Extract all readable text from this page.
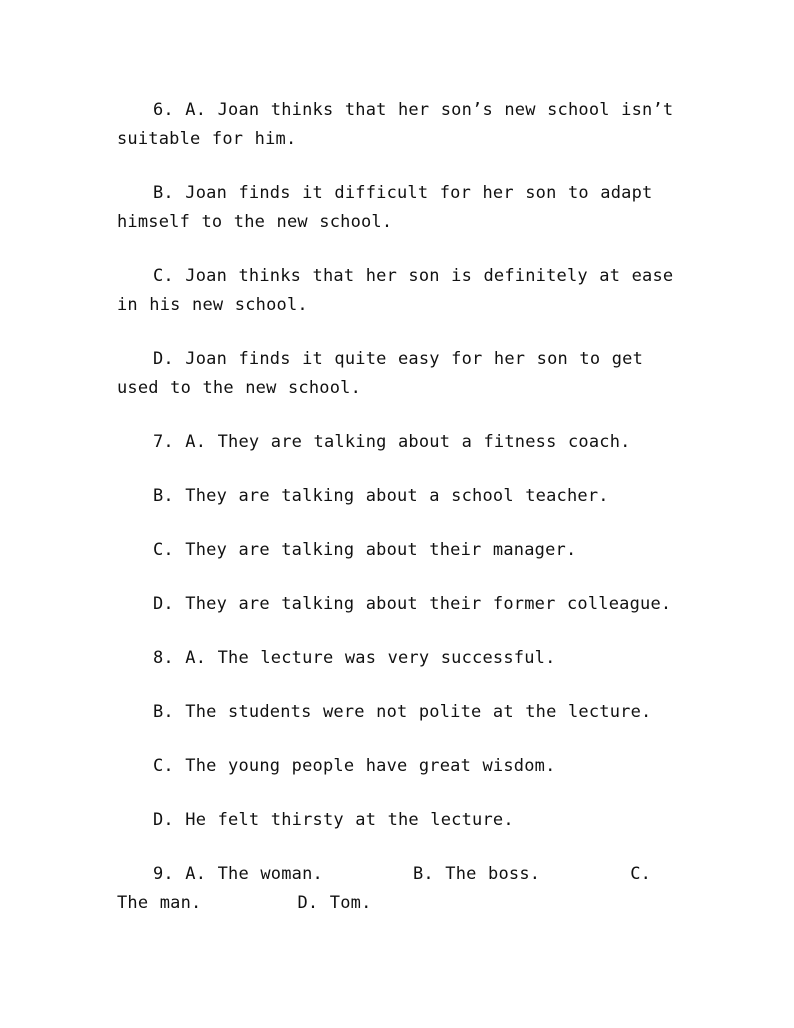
6. A. Joan thinks that her son’s new school isn’t suitable for him.

B. Joan finds it difficult for her son to adapt himself to the new school.

C. Joan thinks that her son is definitely at ease in his new school.

D. Joan finds it quite easy for her son to get used to the new school.

7. A. They are talking about a fitness coach.

B. They are talking about a school teacher.

C. They are talking about their manager.

D. They are talking about their former colleague.

8. A. The lecture was very successful.

B. The students were not polite at the lecture.

C. The young people have great wisdom.

D. He felt thirsty at the lecture.

9. A. The woman.	B. The boss.	C. The man.	D. Tom.
